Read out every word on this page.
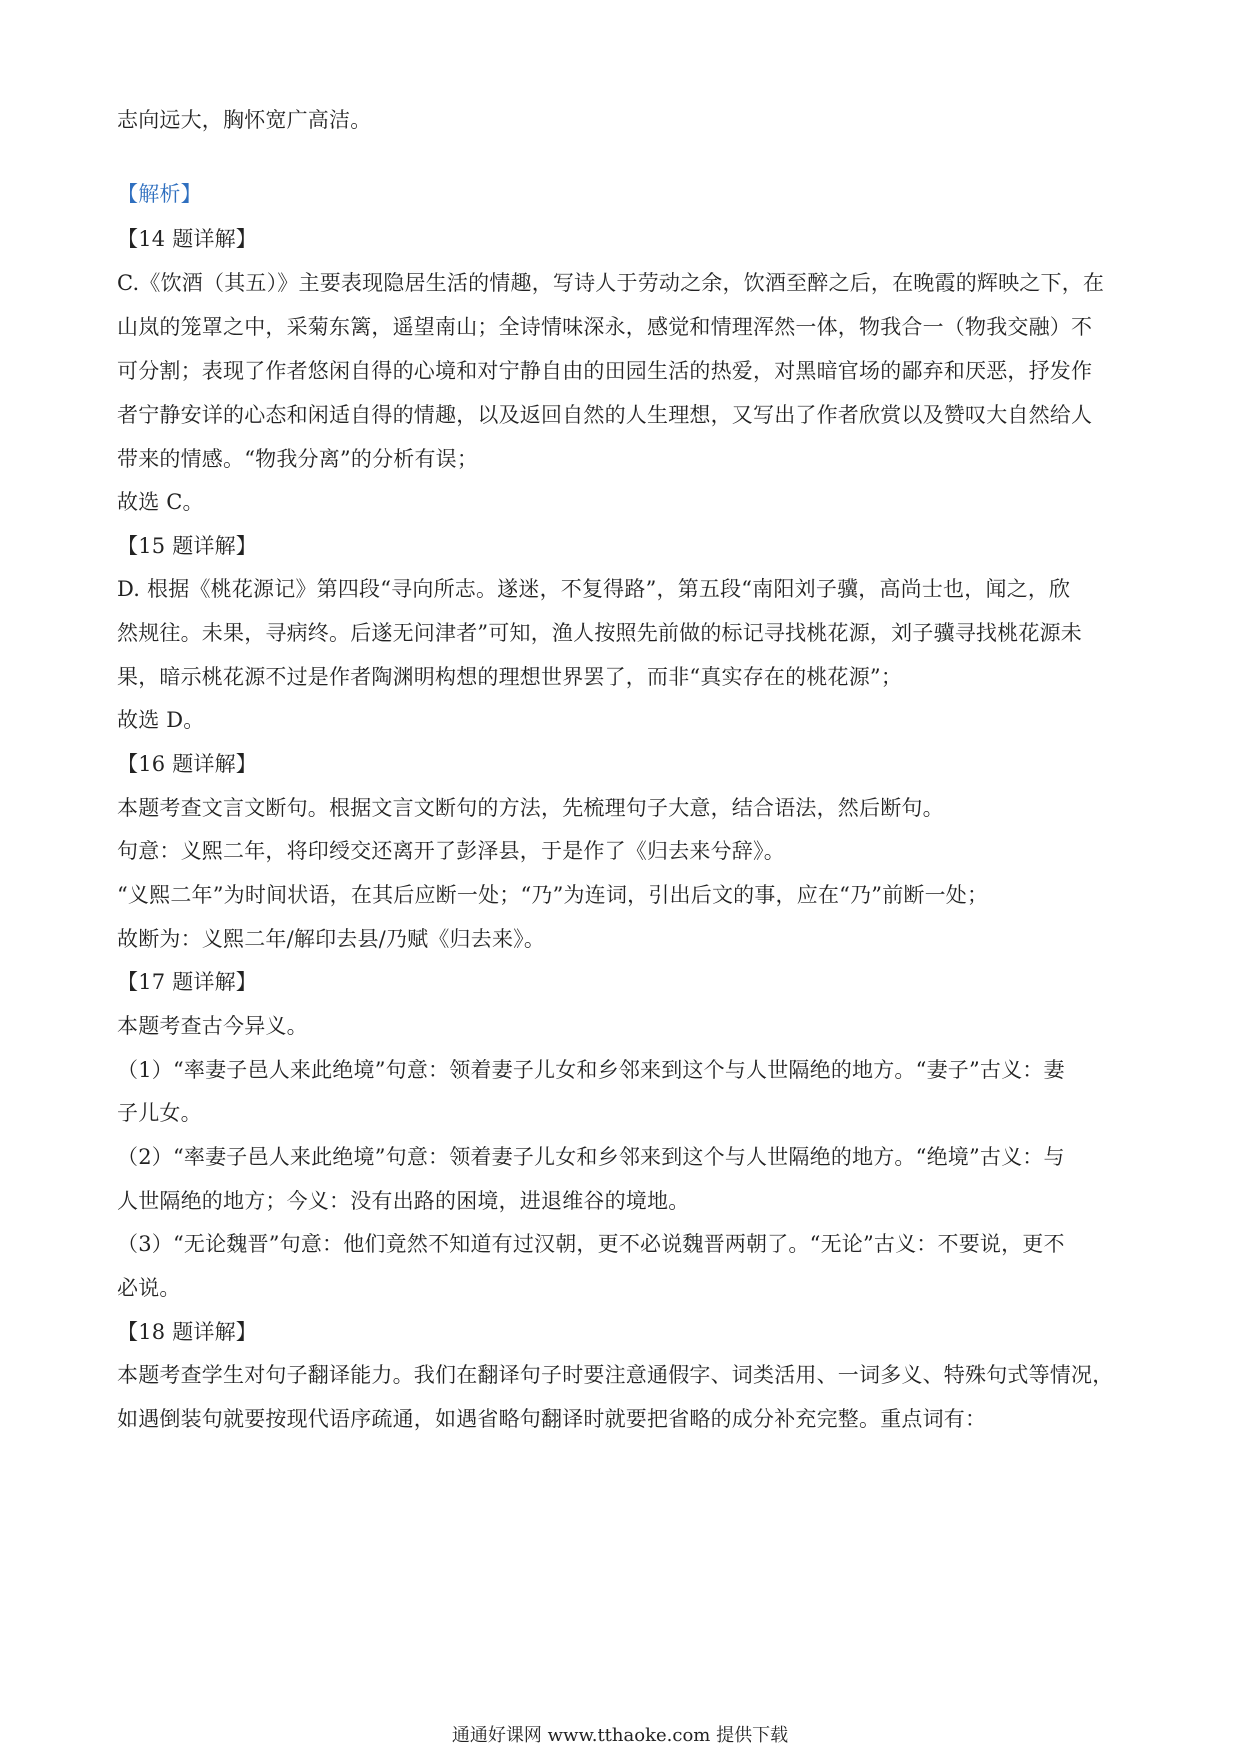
志向远大，胸怀宽广高洁。
【解析】
【14 题详解】
C.《饮酒（其五）》主要表现隐居生活的情趣，写诗人于劳动之余，饮酒至醉之后，在晚霞的辉映之下，在
山岚的笼罩之中，采菊东篱，遥望南山；全诗情味深永，感觉和情理浑然一体，物我合一（物我交融）不
可分割；表现了作者悠闲自得的心境和对宁静自由的田园生活的热爱，对黑暗官场的鄙弃和厌恶，抒发作
者宁静安详的心态和闲适自得的情趣，以及返回自然的人生理想，又写出了作者欣赏以及赞叹大自然给人
带来的情感。“物我分离”的分析有误；
故选 C。
【15 题详解】
D. 根据《桃花源记》第四段“寻向所志。遂迷，不复得路”，第五段“南阳刘子骥，高尚士也，闻之，欣
然规往。未果，寻病终。后遂无问津者”可知，渔人按照先前做的标记寻找桃花源，刘子骥寻找桃花源未
果，暗示桃花源不过是作者陶渊明构想的理想世界罢了，而非“真实存在的桃花源”；
故选 D。
【16 题详解】
本题考查文言文断句。根据文言文断句的方法，先梳理句子大意，结合语法，然后断句。
句意：义熙二年，将印绶交还离开了彭泽县，于是作了《归去来兮辞》。
“义熙二年”为时间状语，在其后应断一处；“乃”为连词，引出后文的事，应在“乃”前断一处；
故断为：义熙二年/解印去县/乃赋《归去来》。
【17 题详解】
本题考查古今异义。
（1）“率妻子邑人来此绝境”句意：领着妻子儿女和乡邻来到这个与人世隔绝的地方。“妻子”古义：妻
子儿女。
（2）“率妻子邑人来此绝境”句意：领着妻子儿女和乡邻来到这个与人世隔绝的地方。“绝境”古义：与
人世隔绝的地方；今义：没有出路的困境，进退维谷的境地。
（3）“无论魏晋”句意：他们竟然不知道有过汉朝，更不必说魏晋两朝了。“无论”古义：不要说，更不
必说。
【18 题详解】
本题考查学生对句子翻译能力。我们在翻译句子时要注意通假字、词类活用、一词多义、特殊句式等情况，
如遇倒装句就要按现代语序疏通，如遇省略句翻译时就要把省略的成分补充完整。重点词有：
通通好课网 www.tthaoke.com 提供下载
